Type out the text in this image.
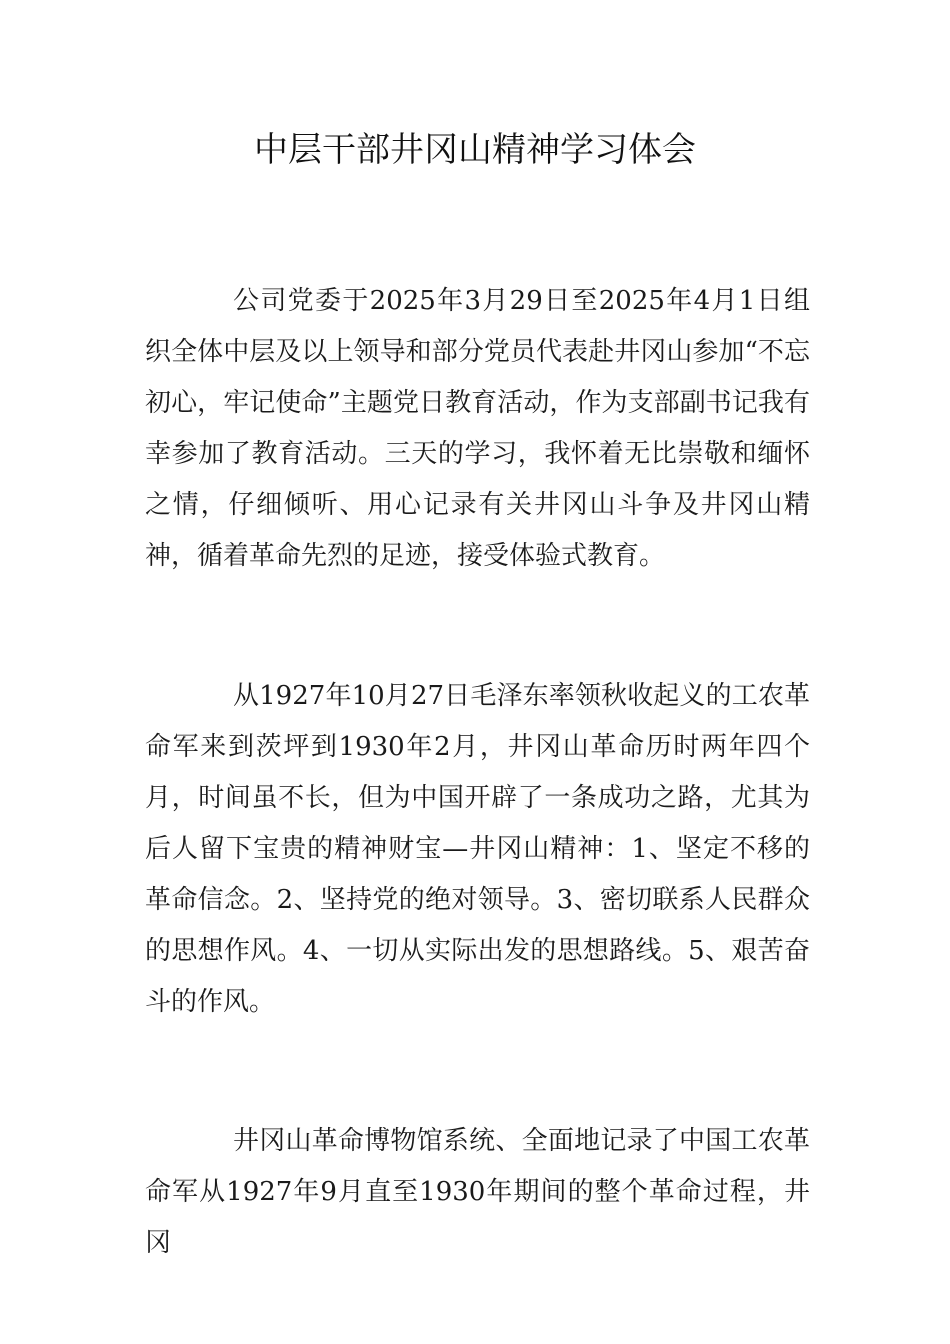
中层干部井冈山精神学习体会

公司党委于2025年3月29日至2025年4月1日组织全体中层及以上领导和部分党员代表赴井冈山参加“不忘初心，牢记使命”主题党日教育活动，作为支部副书记我有幸参加了教育活动。三天的学习，我怀着无比崇敬和缅怀之情，仔细倾听、用心记录有关井冈山斗争及井冈山精神，循着革命先烈的足迹，接受体验式教育。

从1927年10月27日毛泽东率领秋收起义的工农革命军来到茨坪到1930年2月，井冈山革命历时两年四个月，时间虽不长，但为中国开辟了一条成功之路，尤其为后人留下宝贵的精神财宝—井冈山精神：1、坚定不移的革命信念。2、坚持党的绝对领导。3、密切联系人民群众的思想作风。4、一切从实际出发的思想路线。5、艰苦奋斗的作风。

井冈山革命博物馆系统、全面地记录了中国工农革命军从1927年9月直至1930年期间的整个革命过程，井冈
